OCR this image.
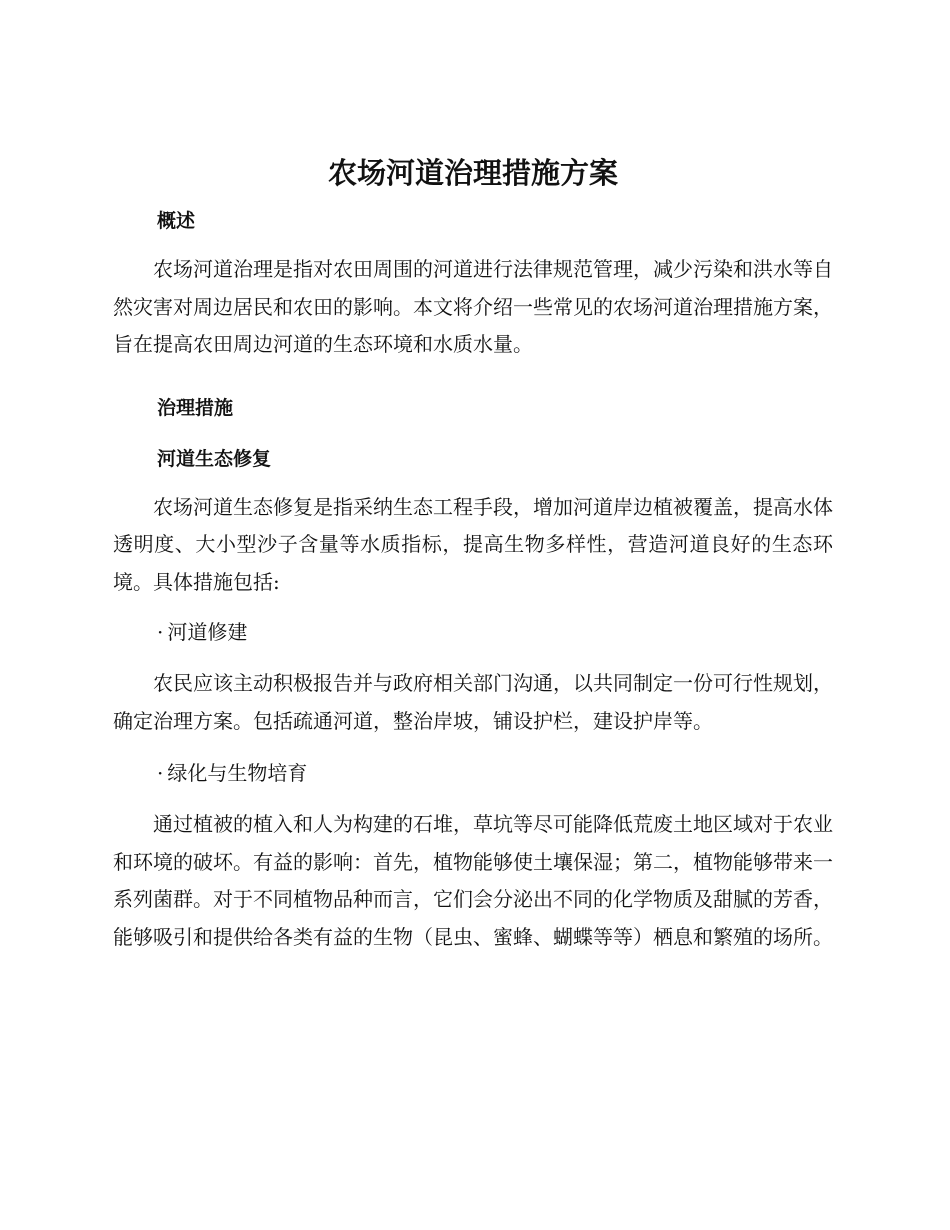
农场河道治理措施方案
概述

农场河道治理是指对农田周围的河道进行法律规范管理，减少污染和洪水等自然灾害对周边居民和农田的影响。本文将介绍一些常见的农场河道治理措施方案，旨在提高农田周边河道的生态环境和水质水量。

治理措施
河道生态修复

农场河道生态修复是指采纳生态工程手段，增加河道岸边植被覆盖，提高水体透明度、大小型沙子含量等水质指标，提高生物多样性，营造河道良好的生态环境。具体措施包括:

· 河道修建

农民应该主动积极报告并与政府相关部门沟通，以共同制定一份可行性规划，确定治理方案。包括疏通河道，整治岸坡，铺设护栏，建设护岸等。

· 绿化与生物培育

通过植被的植入和人为构建的石堆，草坑等尽可能降低荒废土地区域对于农业和环境的破坏。有益的影响：首先，植物能够使土壤保湿；第二，植物能够带来一系列菌群。对于不同植物品种而言，它们会分泌出不同的化学物质及甜腻的芳香，能够吸引和提供给各类有益的生物（昆虫、蜜蜂、蝴蝶等等）栖息和繁殖的场所。
